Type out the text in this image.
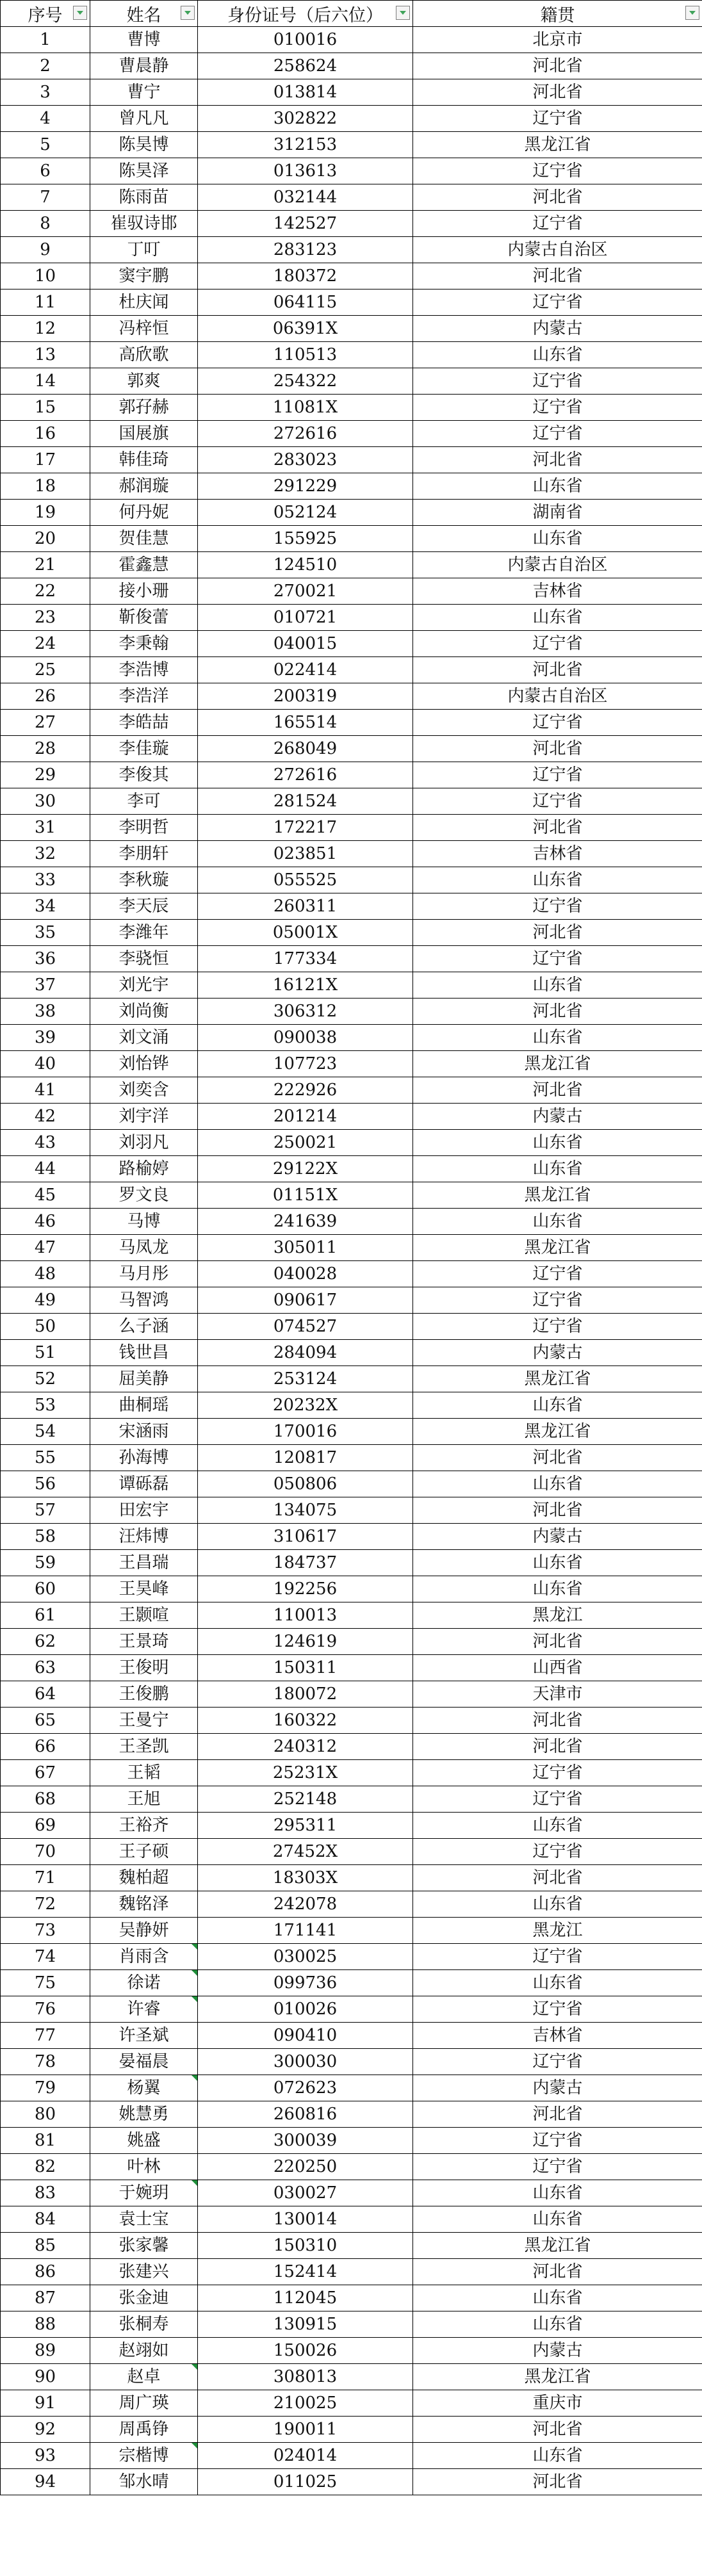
序号	姓名	身份证号（后六位）	籍贯

1	曹博	010016	北京市
2	曹晨静	258624	河北省
3	曹宁	013814	河北省
4	曾凡凡	302822	辽宁省
5	陈昊博	312153	黑龙江省
6	陈昊泽	013613	辽宁省
7	陈雨苗	032144	河北省
8	崔驭诗邯	142527	辽宁省
9	丁叮	283123	内蒙古自治区
10	窦宇鹏	180372	河北省
11	杜庆闻	064115	辽宁省
12	冯梓恒	06391X	内蒙古
13	高欣歌	110513	山东省
14	郭爽	254322	辽宁省
15	郭孖赫	11081X	辽宁省
16	国展旗	272616	辽宁省
17	韩佳琦	283023	河北省
18	郝润璇	291229	山东省
19	何丹妮	052124	湖南省
20	贺佳慧	155925	山东省
21	霍鑫慧	124510	内蒙古自治区
22	接小珊	270021	吉林省
23	靳俊蕾	010721	山东省
24	李秉翰	040015	辽宁省
25	李浩博	022414	河北省
26	李浩洋	200319	内蒙古自治区
27	李皓喆	165514	辽宁省
28	李佳璇	268049	河北省
29	李俊其	272616	辽宁省
30	李可	281524	辽宁省
31	李明哲	172217	河北省
32	李朋轩	023851	吉林省
33	李秋璇	055525	山东省
34	李天辰	260311	辽宁省
35	李潍年	05001X	河北省
36	李骁恒	177334	辽宁省
37	刘光宇	16121X	山东省
38	刘尚衡	306312	河北省
39	刘文涌	090038	山东省
40	刘怡铧	107723	黑龙江省
41	刘奕含	222926	河北省
42	刘宇洋	201214	内蒙古
43	刘羽凡	250021	山东省
44	路榆婷	29122X	山东省
45	罗文良	01151X	黑龙江省
46	马博	241639	山东省
47	马凤龙	305011	黑龙江省
48	马月彤	040028	辽宁省
49	马智鸿	090617	辽宁省
50	么子涵	074527	辽宁省
51	钱世昌	284094	内蒙古
52	屈美静	253124	黑龙江省
53	曲桐瑶	20232X	山东省
54	宋涵雨	170016	黑龙江省
55	孙海博	120817	河北省
56	谭砾磊	050806	山东省
57	田宏宇	134075	河北省
58	汪炜博	310617	内蒙古
59	王昌瑞	184737	山东省
60	王昊峰	192256	山东省
61	王颢喧	110013	黑龙江
62	王景琦	124619	河北省
63	王俊明	150311	山西省
64	王俊鹏	180072	天津市
65	王曼宁	160322	河北省
66	王圣凯	240312	河北省
67	王韬	25231X	辽宁省
68	王旭	252148	辽宁省
69	王裕齐	295311	山东省
70	王子硕	27452X	辽宁省
71	魏柏超	18303X	河北省
72	魏铭泽	242078	山东省
73	吴静妍	171141	黑龙江
74	肖雨含	030025	辽宁省
75	徐诺	099736	山东省
76	许睿	010026	辽宁省
77	许圣斌	090410	吉林省
78	晏福晨	300030	辽宁省
79	杨翼	072623	内蒙古
80	姚慧勇	260816	河北省
81	姚盛	300039	辽宁省
82	叶林	220250	辽宁省
83	于婉玥	030027	山东省
84	袁士宝	130014	山东省
85	张家馨	150310	黑龙江省
86	张建兴	152414	河北省
87	张金迪	112045	山东省
88	张桐寿	130915	山东省
89	赵翊如	150026	内蒙古
90	赵卓	308013	黑龙江省
91	周广瑛	210025	重庆市
92	周禹铮	190011	河北省
93	宗楷博	024014	山东省
94	邹水晴	011025	河北省
